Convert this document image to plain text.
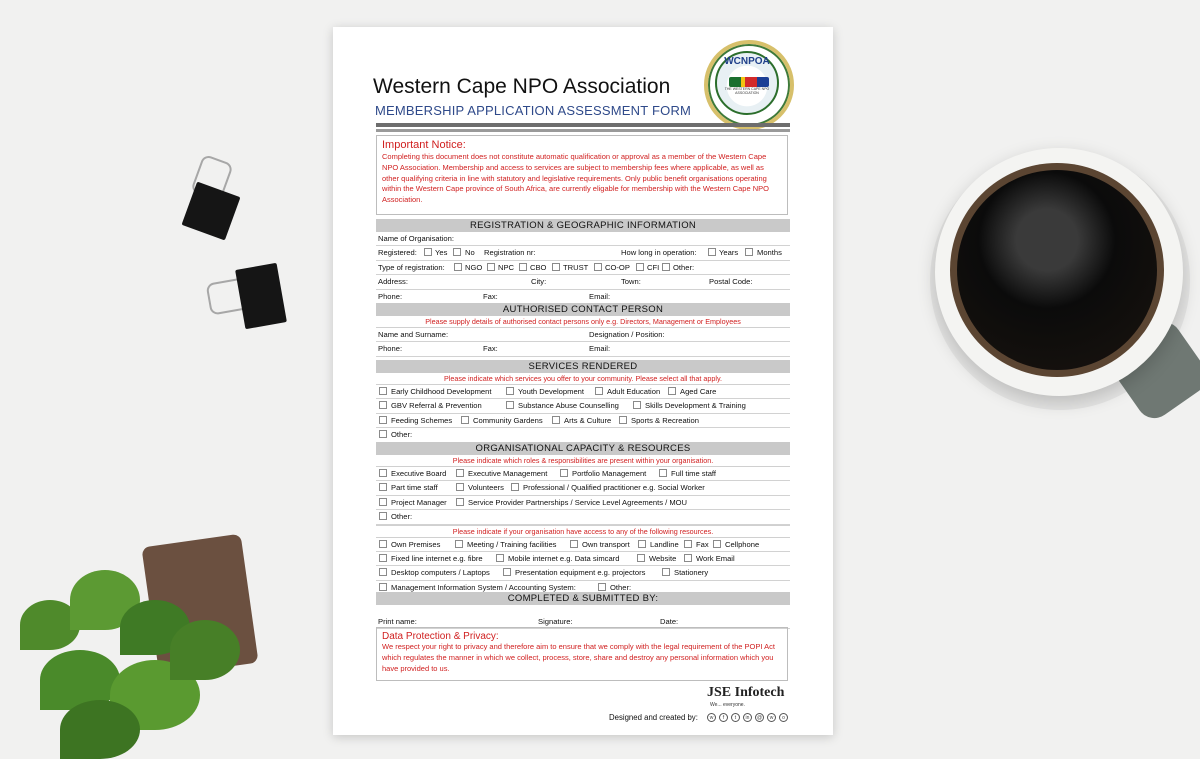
Western Cape NPO Association
MEMBERSHIP APPLICATION ASSESSMENT FORM
WCNPOA
THE WESTERN CAPE NPO ASSOCIATION
Important Notice:
Completing this document does not constitute automatic qualification or approval as a member of the Western Cape NPO Association. Membership and access to services are subject to membership fees where applicable, as well as other qualifying criteria in line with statutory and legislative requirements. Only public benefit organisations operating within the Western Cape province of South Africa, are currently eligable for membership with the Western Cape NPO Association.
REGISTRATION & GEOGRAPHIC INFORMATION
Name of Organisation:
Registered: Yes No Registration nr:	How long in operation:	Years Months
Type of registration:	NGO NPC CBO TRUST CO-OP CFI Other:
Address:	City:	Town:	Postal Code:
Phone:	Fax:	Email:
AUTHORISED CONTACT PERSON
Please supply details of authorised contact persons only e.g. Directors, Management or Employees
Name and Surname:	Designation / Position:
Phone:	Fax:	Email:
SERVICES RENDERED
Please indicate which services you offer to your community. Please select all that apply.
Early Childhood Development	Youth Development	Adult Education	Aged Care
GBV Referral & Prevention	Substance Abuse Counselling	Skills Development & Training
Feeding Schemes	Community Gardens	Arts & Culture	Sports & Recreation
Other:
ORGANISATIONAL CAPACITY & RESOURCES
Please indicate which roles & responsibilities are present within your organisation.
Executive Board	Executive Management	Portfolio Management	Full time staff
Part time staff	Volunteers	Professional / Qualified practitioner e.g. Social Worker
Project Manager	Service Provider Partnerships / Service Level Agreements / MOU
Other:
Please indicate if your organisation have access to any of the following resources.
Own Premises	Meeting / Training facilities	Own transport	Landline Fax Cellphone
Fixed line internet e.g. fibre	Mobile internet e.g. Data simcard	Website	Work Email
Desktop computers / Laptops	Presentation equipment e.g. projectors	Stationery
Management Information System / Accounting System:	Other:
COMPLETED & SUBMITTED BY:
Print name:	Signature:	Date:
Data Protection & Privacy:
We respect your right to privacy and therefore aim to ensure that we comply with the legal requirement of the POPI Act which regulates the manner in which we collect, process, store, share and destroy any personal information which you have provided to us.
JSE Infotech
We... everyone.
Designed and created by:	w	f	t	in	@	w	o
